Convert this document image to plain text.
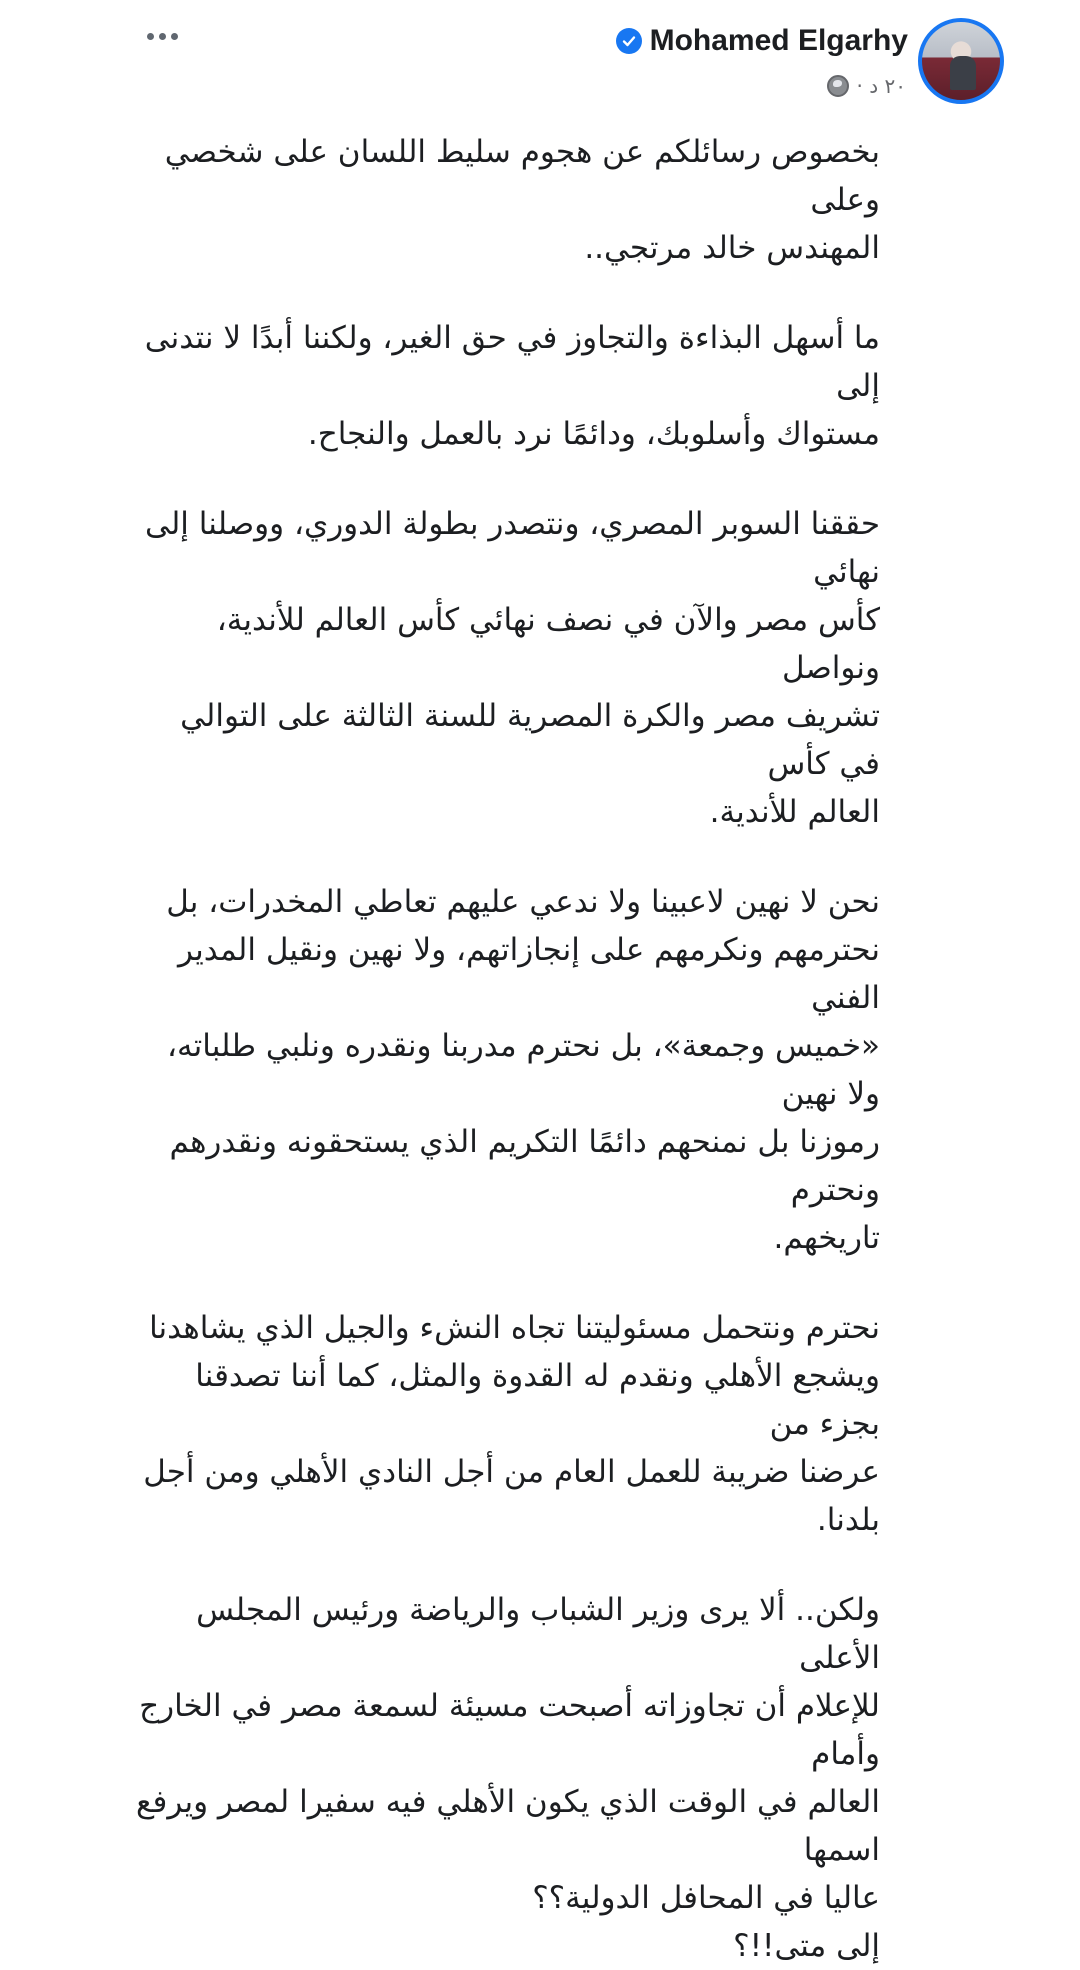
Mohamed Elgarhy
٢٠ د ·

بخصوص رسائلكم عن هجوم سليط اللسان على شخصي وعلى
المهندس خالد مرتجي..

ما أسهل البذاءة والتجاوز في حق الغير، ولكننا أبدًا لا نتدنى إلى
مستواك وأسلوبك، ودائمًا نرد بالعمل والنجاح.

حققنا السوبر المصري، ونتصدر بطولة الدوري، ووصلنا إلى نهائي
كأس مصر والآن في نصف نهائي كأس العالم للأندية، ونواصل
تشريف مصر والكرة المصرية للسنة الثالثة على التوالي في كأس
العالم للأندية.

نحن لا نهين لاعبينا ولا ندعي عليهم تعاطي المخدرات، بل
نحترمهم ونكرمهم على إنجازاتهم، ولا نهين ونقيل المدير الفني
«خميس وجمعة»، بل نحترم مدربنا ونقدره ونلبي طلباته، ولا نهين
رموزنا بل نمنحهم دائمًا التكريم الذي يستحقونه ونقدرهم ونحترم
تاريخهم.

نحترم ونتحمل مسئوليتنا تجاه النشء والجيل الذي يشاهدنا
ويشجع الأهلي ونقدم له القدوة والمثل، كما أننا تصدقنا بجزء من
عرضنا ضريبة للعمل العام من أجل النادي الأهلي ومن أجل بلدنا.

ولكن.. ألا يرى وزير الشباب والرياضة ورئيس المجلس الأعلى
للإعلام أن تجاوزاته أصبحت مسيئة لسمعة مصر في الخارج وأمام
العالم في الوقت الذي يكون الأهلي فيه سفيرا لمصر ويرفع اسمها
عاليا في المحافل الدولية؟؟
إلى متى!!؟
